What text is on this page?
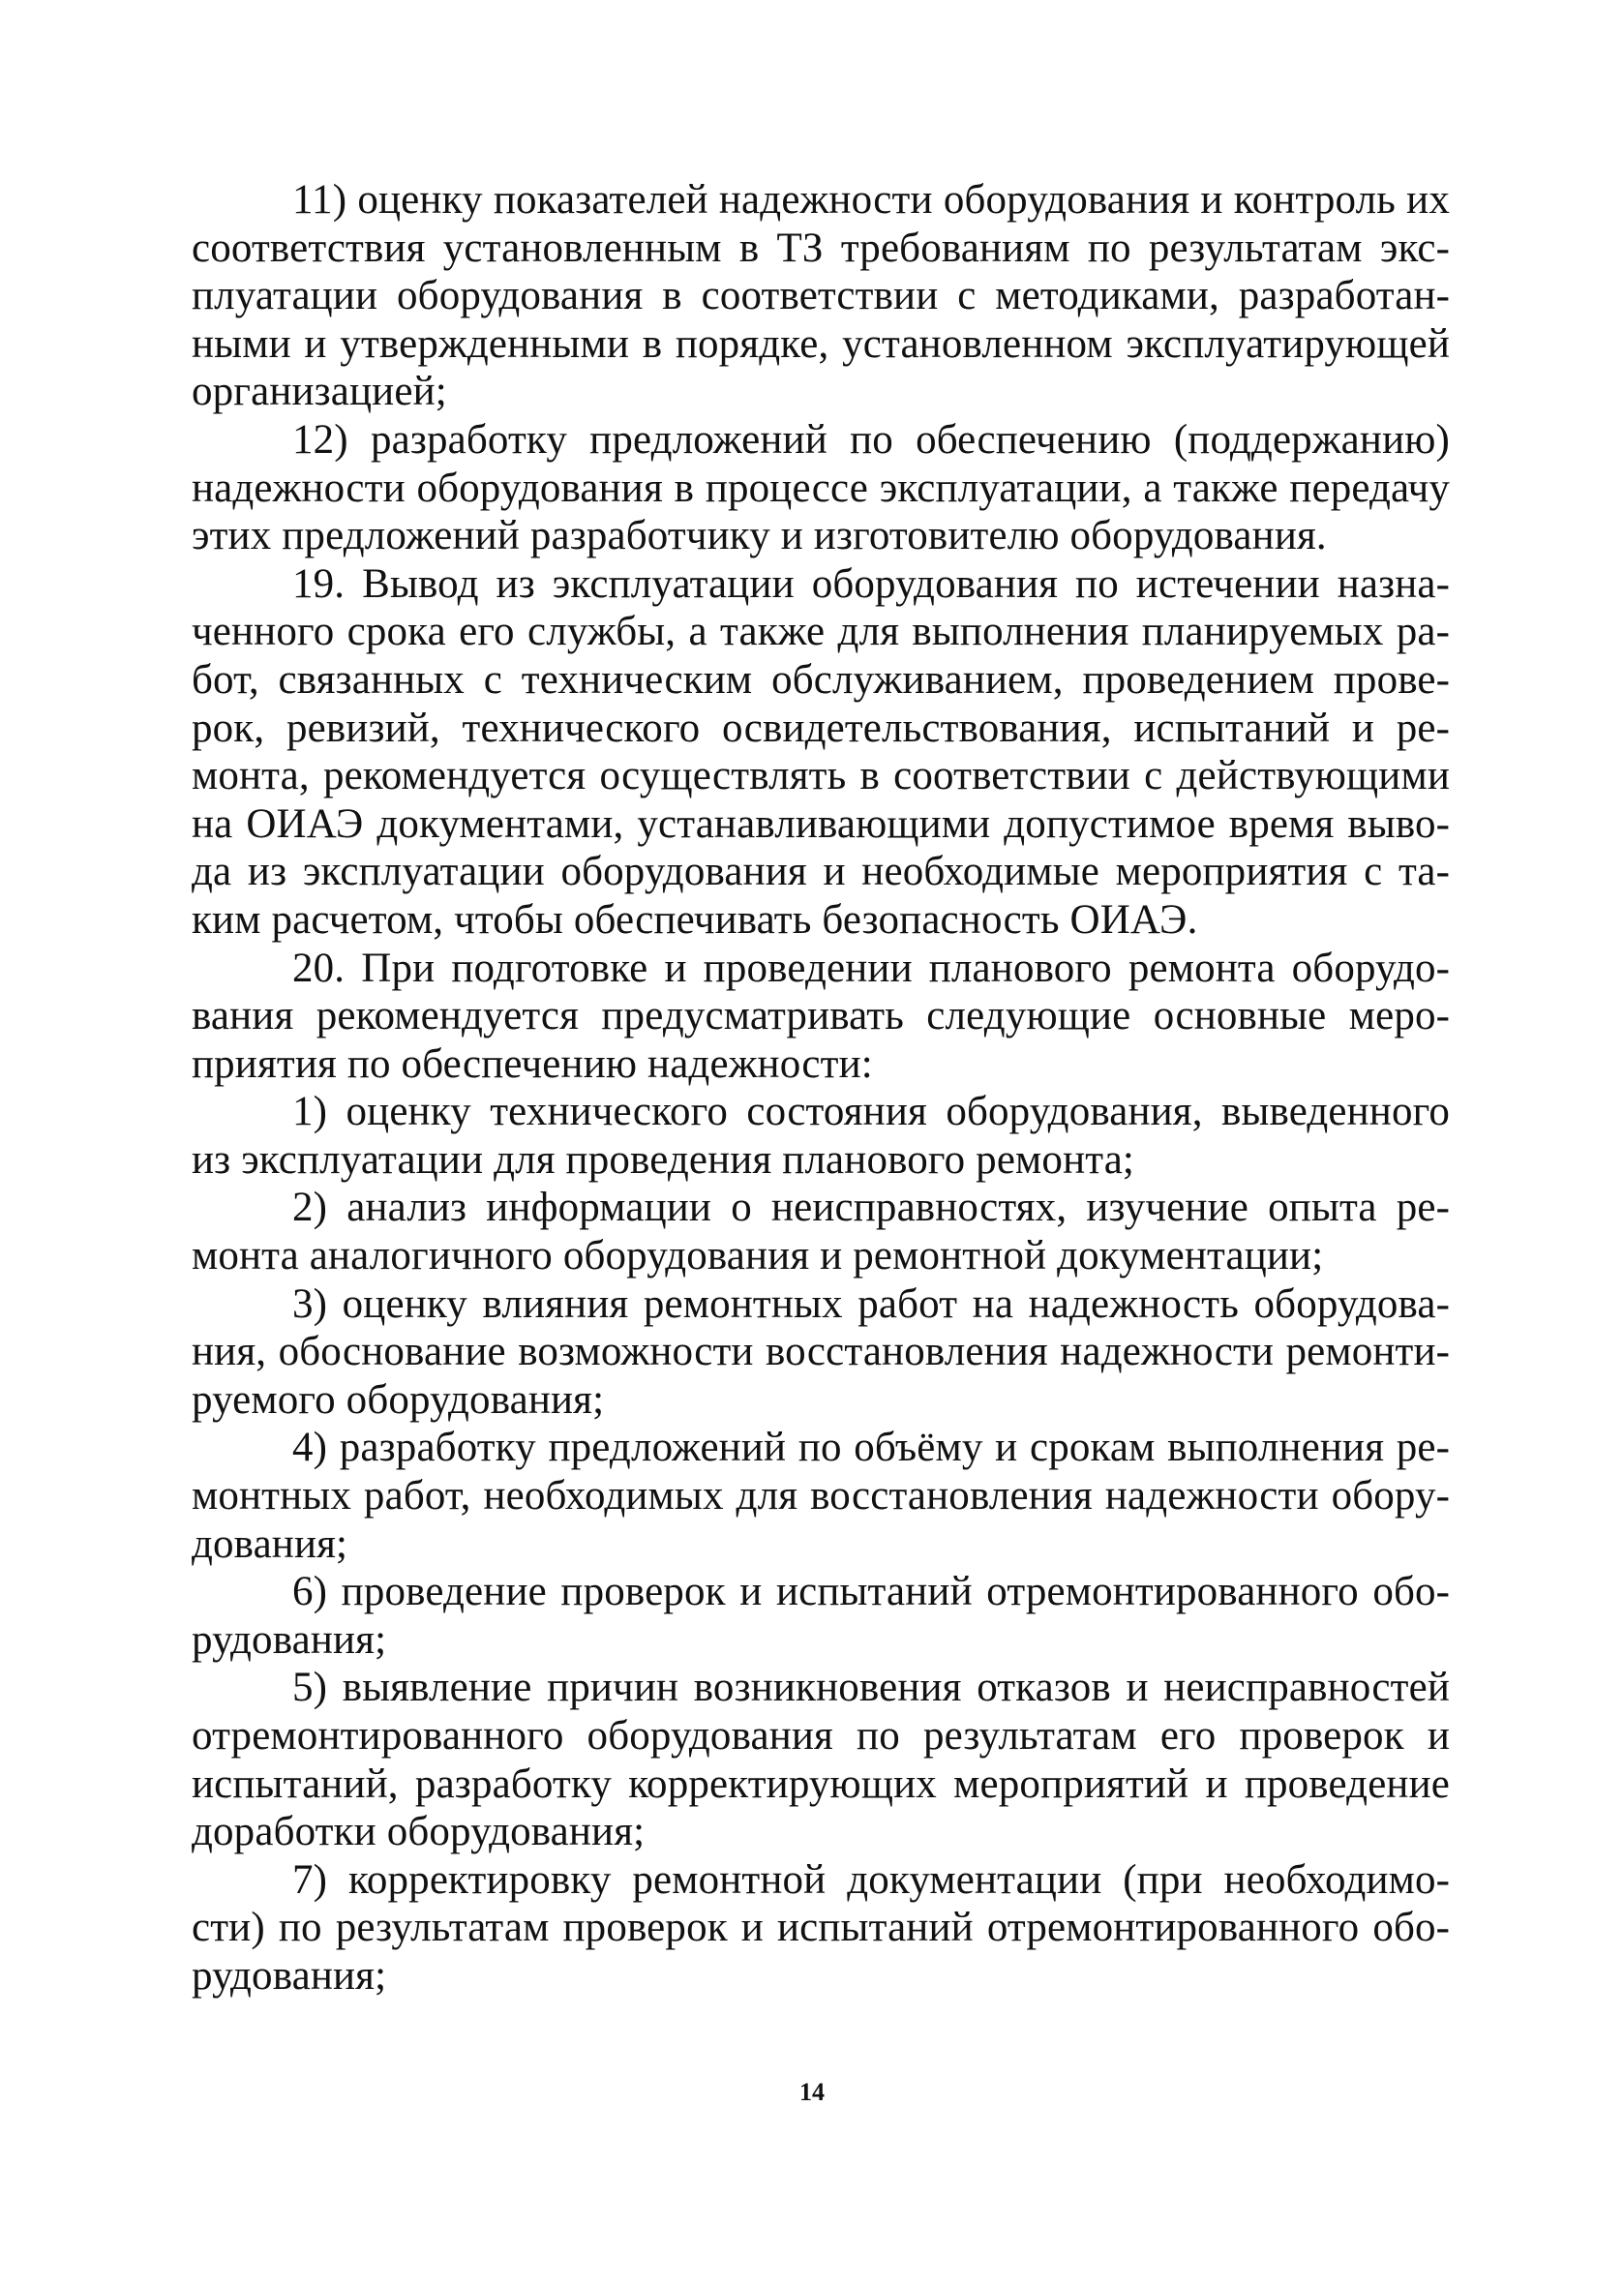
11) оценку показателей надежности оборудования и контроль их соответствия установленным в ТЗ требованиям по результатам эксплуатации оборудования в соответствии с методиками, разработанными и утвержденными в порядке, установленном эксплуатирующей организацией;

12) разработку предложений по обеспечению (поддержанию) надежности оборудования в процессе эксплуатации, а также передачу этих предложений разработчику и изготовителю оборудования.

19. Вывод из эксплуатации оборудования по истечении назначенного срока его службы, а также для выполнения планируемых работ, связанных с техническим обслуживанием, проведением проверок, ревизий, технического освидетельствования, испытаний и ремонта, рекомендуется осуществлять в соответствии с действующими на ОИАЭ документами, устанавливающими допустимое время вывода из эксплуатации оборудования и необходимые мероприятия с таким расчетом, чтобы обеспечивать безопасность ОИАЭ.

20. При подготовке и проведении планового ремонта оборудования рекомендуется предусматривать следующие основные мероприятия по обеспечению надежности:

1) оценку технического состояния оборудования, выведенного из эксплуатации для проведения планового ремонта;

2) анализ информации о неисправностях, изучение опыта ремонта аналогичного оборудования и ремонтной документации;

3) оценку влияния ремонтных работ на надежность оборудования, обоснование возможности восстановления надежности ремонтируемого оборудования;

4) разработку предложений по объёму и срокам выполнения ремонтных работ, необходимых для восстановления надежности оборудования;

6) проведение проверок и испытаний отремонтированного оборудования;

5) выявление причин возникновения отказов и неисправностей отремонтированного оборудования по результатам его проверок и испытаний, разработку корректирующих мероприятий и проведение доработки оборудования;

7) корректировку ремонтной документации (при необходимости) по результатам проверок и испытаний отремонтированного оборудования;

14
